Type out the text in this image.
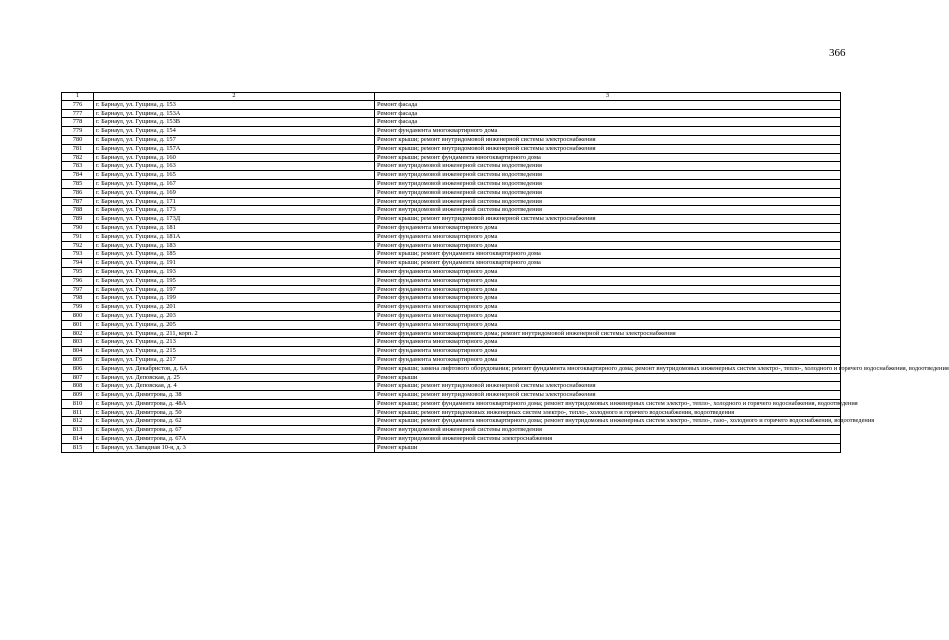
366
1	2	3
776	г. Барнаул, ул. Гущина, д. 153	Ремонт фасада
777	г. Барнаул, ул. Гущина, д. 153А	Ремонт фасада
778	г. Барнаул, ул. Гущина, д. 153В	Ремонт фасада
779	г. Барнаул, ул. Гущина, д. 154	Ремонт фундамента многоквартирного дома
780	г. Барнаул, ул. Гущина, д. 157	Ремонт крыши; ремонт внутридомовой инженерной системы электроснабжения
781	г. Барнаул, ул. Гущина, д. 157А	Ремонт крыши; ремонт внутридомовой инженерной системы электроснабжения
782	г. Барнаул, ул. Гущина, д. 160	Ремонт крыши; ремонт фундамента многоквартирного дома
783	г. Барнаул, ул. Гущина, д. 163	Ремонт внутридомовой инженерной системы водоотведения
784	г. Барнаул, ул. Гущина, д. 165	Ремонт внутридомовой инженерной системы водоотведения
785	г. Барнаул, ул. Гущина, д. 167	Ремонт внутридомовой инженерной системы водоотведения
786	г. Барнаул, ул. Гущина, д. 169	Ремонт внутридомовой инженерной системы водоотведения
787	г. Барнаул, ул. Гущина, д. 171	Ремонт внутридомовой инженерной системы водоотведения
788	г. Барнаул, ул. Гущина, д. 173	Ремонт внутридомовой инженерной системы водоотведения
789	г. Барнаул, ул. Гущина, д. 173Д	Ремонт крыши; ремонт внутридомовой инженерной системы электроснабжения
790	г. Барнаул, ул. Гущина, д. 181	Ремонт фундамента многоквартирного дома
791	г. Барнаул, ул. Гущина, д. 181А	Ремонт фундамента многоквартирного дома
792	г. Барнаул, ул. Гущина, д. 183	Ремонт фундамента многоквартирного дома
793	г. Барнаул, ул. Гущина, д. 185	Ремонт крыши; ремонт фундамента многоквартирного дома
794	г. Барнаул, ул. Гущина, д. 191	Ремонт крыши; ремонт фундамента многоквартирного дома
795	г. Барнаул, ул. Гущина, д. 193	Ремонт фундамента многоквартирного дома
796	г. Барнаул, ул. Гущина, д. 195	Ремонт фундамента многоквартирного дома
797	г. Барнаул, ул. Гущина, д. 197	Ремонт фундамента многоквартирного дома
798	г. Барнаул, ул. Гущина, д. 199	Ремонт фундамента многоквартирного дома
799	г. Барнаул, ул. Гущина, д. 201	Ремонт фундамента многоквартирного дома
800	г. Барнаул, ул. Гущина, д. 203	Ремонт фундамента многоквартирного дома
801	г. Барнаул, ул. Гущина, д. 205	Ремонт фундамента многоквартирного дома
802	г. Барнаул, ул. Гущина, д. 211, корп. 2	Ремонт фундамента многоквартирного дома; ремонт внутридомовой инженерной системы электроснабжения
803	г. Барнаул, ул. Гущина, д. 213	Ремонт фундамента многоквартирного дома
804	г. Барнаул, ул. Гущина, д. 215	Ремонт фундамента многоквартирного дома
805	г. Барнаул, ул. Гущина, д. 217	Ремонт фундамента многоквартирного дома
806	г. Барнаул, ул. Декабристов, д. 6А	Ремонт крыши; замена лифтового оборудования; ремонт фундамента многоквартирного дома; ремонт внутридомовых инженерных систем электро-, тепло-, холодного и горячего водоснабжения, водоотведения
807	г. Барнаул, ул. Деповская, д. 25	Ремонт крыши
808	г. Барнаул, ул. Деповская, д. 4	Ремонт крыши; ремонт внутридомовой инженерной системы электроснабжения
809	г. Барнаул, ул. Димитрова, д. 38	Ремонт крыши; ремонт внутридомовой инженерной системы электроснабжения
810	г. Барнаул, ул. Димитрова, д. 48А	Ремонт крыши; ремонт фундамента многоквартирного дома; ремонт внутридомовых инженерных систем электро-, тепло-, холодного и горячего водоснабжения, водоотведения
811	г. Барнаул, ул. Димитрова, д. 50	Ремонт крыши; ремонт внутридомовых инженерных систем электро-, тепло-, холодного и горячего водоснабжения, водоотведения
812	г. Барнаул, ул. Димитрова, д. 62	Ремонт крыши; ремонт фундамента многоквартирного дома; ремонт внутридомовых инженерных систем электро-, тепло-, газо-, холодного и горячего водоснабжения, водоотведения
813	г. Барнаул, ул. Димитрова, д. 67	Ремонт внутридомовой инженерной системы водоотведения
814	г. Барнаул, ул. Димитрова, д. 67А	Ремонт внутридомовой инженерной системы электроснабжения
815	г. Барнаул, ул. Западная 10-я, д. 3	Ремонт крыши
